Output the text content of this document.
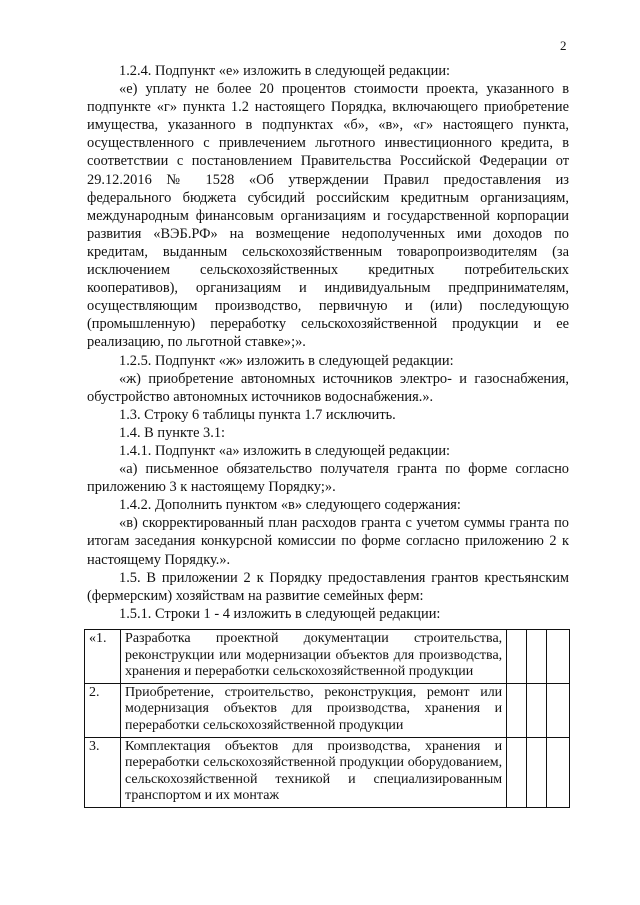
2

1.2.4. Подпункт «е» изложить в следующей редакции:

«е) уплату не более 20 процентов стоимости проекта, указанного в подпункте «г» пункта 1.2 настоящего Порядка, включающего приобретение имущества, указанного в подпунктах «б», «в», «г» настоящего пункта, осуществленного с привлечением льготного инвестиционного кредита, в соответствии с постановлением Правительства Российской Федерации от 29.12.2016 № 1528 «Об утверждении Правил предоставления из федерального бюджета субсидий российским кредитным организациям, международным финансовым организациям и государственной корпорации развития «ВЭБ.РФ» на возмещение недополученных ими доходов по кредитам, выданным сельскохозяйственным товаропроизводителям (за исключением сельскохозяйственных кредитных потребительских кооперативов), организациям и индивидуальным предпринимателям, осуществляющим производство, первичную и (или) последующую (промышленную) переработку сельскохозяйственной продукции и ее реализацию, по льготной ставке»;».

1.2.5. Подпункт «ж» изложить в следующей редакции:

«ж) приобретение автономных источников электро- и газоснабжения, обустройство автономных источников водоснабжения.».

1.3. Строку 6 таблицы пункта 1.7 исключить.

1.4. В пункте 3.1:

1.4.1. Подпункт «а» изложить в следующей редакции:

«а) письменное обязательство получателя гранта по форме согласно приложению 3 к настоящему Порядку;».

1.4.2. Дополнить пунктом «в» следующего содержания:

«в) скорректированный план расходов гранта с учетом суммы гранта по итогам заседания конкурсной комиссии по форме согласно приложению 2 к настоящему Порядку.».

1.5. В приложении 2 к Порядку предоставления грантов крестьянским (фермерским) хозяйствам на развитие семейных ферм:

1.5.1. Строки 1 - 4 изложить в следующей редакции:

«1.	Разработка проектной документации строительства, реконструкции или модернизации объектов для производства, хранения и переработки сельскохозяйственной продукции			
2.	Приобретение, строительство, реконструкция, ремонт или модернизация объектов для производства, хранения и переработки сельскохозяйственной продукции			
3.	Комплектация объектов для производства, хранения и переработки сельскохозяйственной продукции оборудованием, сельскохозяйственной техникой и специализированным транспортом и их монтаж			
